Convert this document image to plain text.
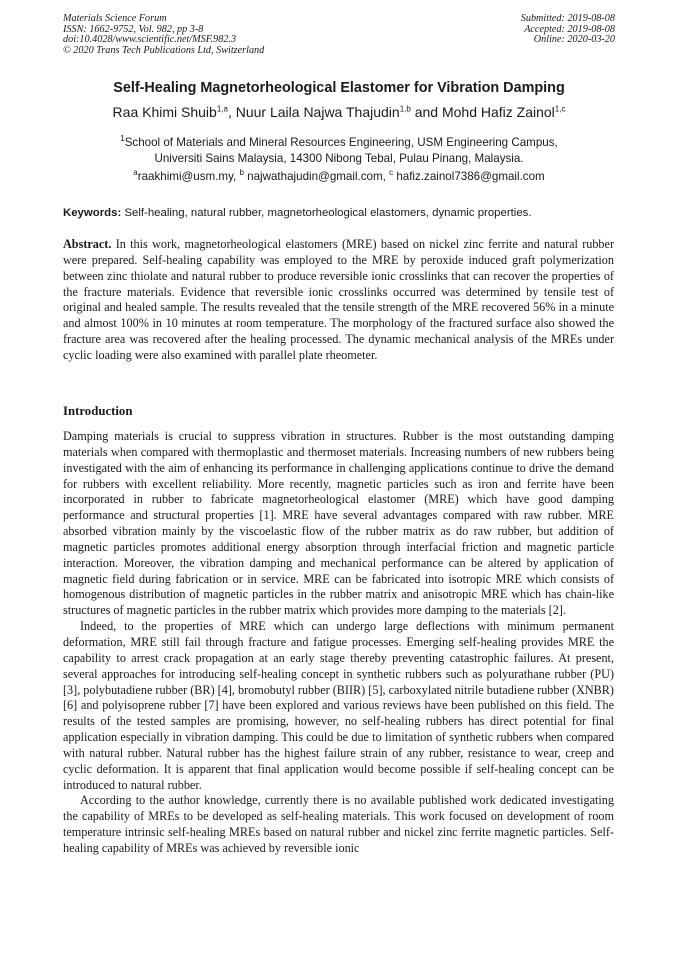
Materials Science Forum
ISSN: 1662-9752, Vol. 982, pp 3-8
doi:10.4028/www.scientific.net/MSF.982.3
© 2020 Trans Tech Publications Ltd, Switzerland
Submitted: 2019-08-08
Accepted: 2019-08-08
Online: 2020-03-20
Self-Healing Magnetorheological Elastomer for Vibration Damping
Raa Khimi Shuib$^{1,a}$, Nuur Laila Najwa Thajudin$^{1,b}$ and Mohd Hafiz Zainol$^{1,c}$
$^1$School of Materials and Mineral Resources Engineering, USM Engineering Campus,
Universiti Sains Malaysia, 14300 Nibong Tebal, Pulau Pinang, Malaysia.
$^a$raakhimi@usm.my, $^b$ najwathajudin@gmail.com, $^c$ hafiz.zainol7386@gmail.com
Keywords: Self-healing, natural rubber, magnetorheological elastomers, dynamic properties.
Abstract. In this work, magnetorheological elastomers (MRE) based on nickel zinc ferrite and natural rubber were prepared. Self-healing capability was employed to the MRE by peroxide induced graft polymerization between zinc thiolate and natural rubber to produce reversible ionic crosslinks that can recover the properties of the fracture materials. Evidence that reversible ionic crosslinks occurred was determined by tensile test of original and healed sample. The results revealed that the tensile strength of the MRE recovered 56% in a minute and almost 100% in 10 minutes at room temperature. The morphology of the fractured surface also showed the fracture area was recovered after the healing processed. The dynamic mechanical analysis of the MREs under cyclic loading were also examined with parallel plate rheometer.
Introduction

Damping materials is crucial to suppress vibration in structures. Rubber is the most outstanding damping materials when compared with thermoplastic and thermoset materials. Increasing numbers of new rubbers being investigated with the aim of enhancing its performance in challenging applications continue to drive the demand for rubbers with excellent reliability. More recently, magnetic particles such as iron and ferrite have been incorporated in rubber to fabricate magnetorheological elastomer (MRE) which have good damping performance and structural properties [1]. MRE have several advantages compared with raw rubber. MRE absorbed vibration mainly by the viscoelastic flow of the rubber matrix as do raw rubber, but addition of magnetic particles promotes additional energy absorption through interfacial friction and magnetic particle interaction. Moreover, the vibration damping and mechanical performance can be altered by application of magnetic field during fabrication or in service. MRE can be fabricated into isotropic MRE which consists of homogenous distribution of magnetic particles in the rubber matrix and anisotropic MRE which has chain-like structures of magnetic particles in the rubber matrix which provides more damping to the materials [2].

Indeed, to the properties of MRE which can undergo large deflections with minimum permanent deformation, MRE still fail through fracture and fatigue processes. Emerging self-healing provides MRE the capability to arrest crack propagation at an early stage thereby preventing catastrophic failures. At present, several approaches for introducing self-healing concept in synthetic rubbers such as polyurathane rubber (PU) [3], polybutadiene rubber (BR) [4], bromobutyl rubber (BIIR) [5], carboxylated nitrile butadiene rubber (XNBR) [6] and polyisoprene rubber [7] have been explored and various reviews have been published on this field. The results of the tested samples are promising, however, no self-healing rubbers has direct potential for final application especially in vibration damping. This could be due to limitation of synthetic rubbers when compared with natural rubber. Natural rubber has the highest failure strain of any rubber, resistance to wear, creep and cyclic deformation. It is apparent that final application would become possible if self-healing concept can be introduced to natural rubber.

According to the author knowledge, currently there is no available published work dedicated investigating the capability of MREs to be developed as self-healing materials. This work focused on development of room temperature intrinsic self-healing MREs based on natural rubber and nickel zinc ferrite magnetic particles. Self-healing capability of MREs was achieved by reversible ionic
